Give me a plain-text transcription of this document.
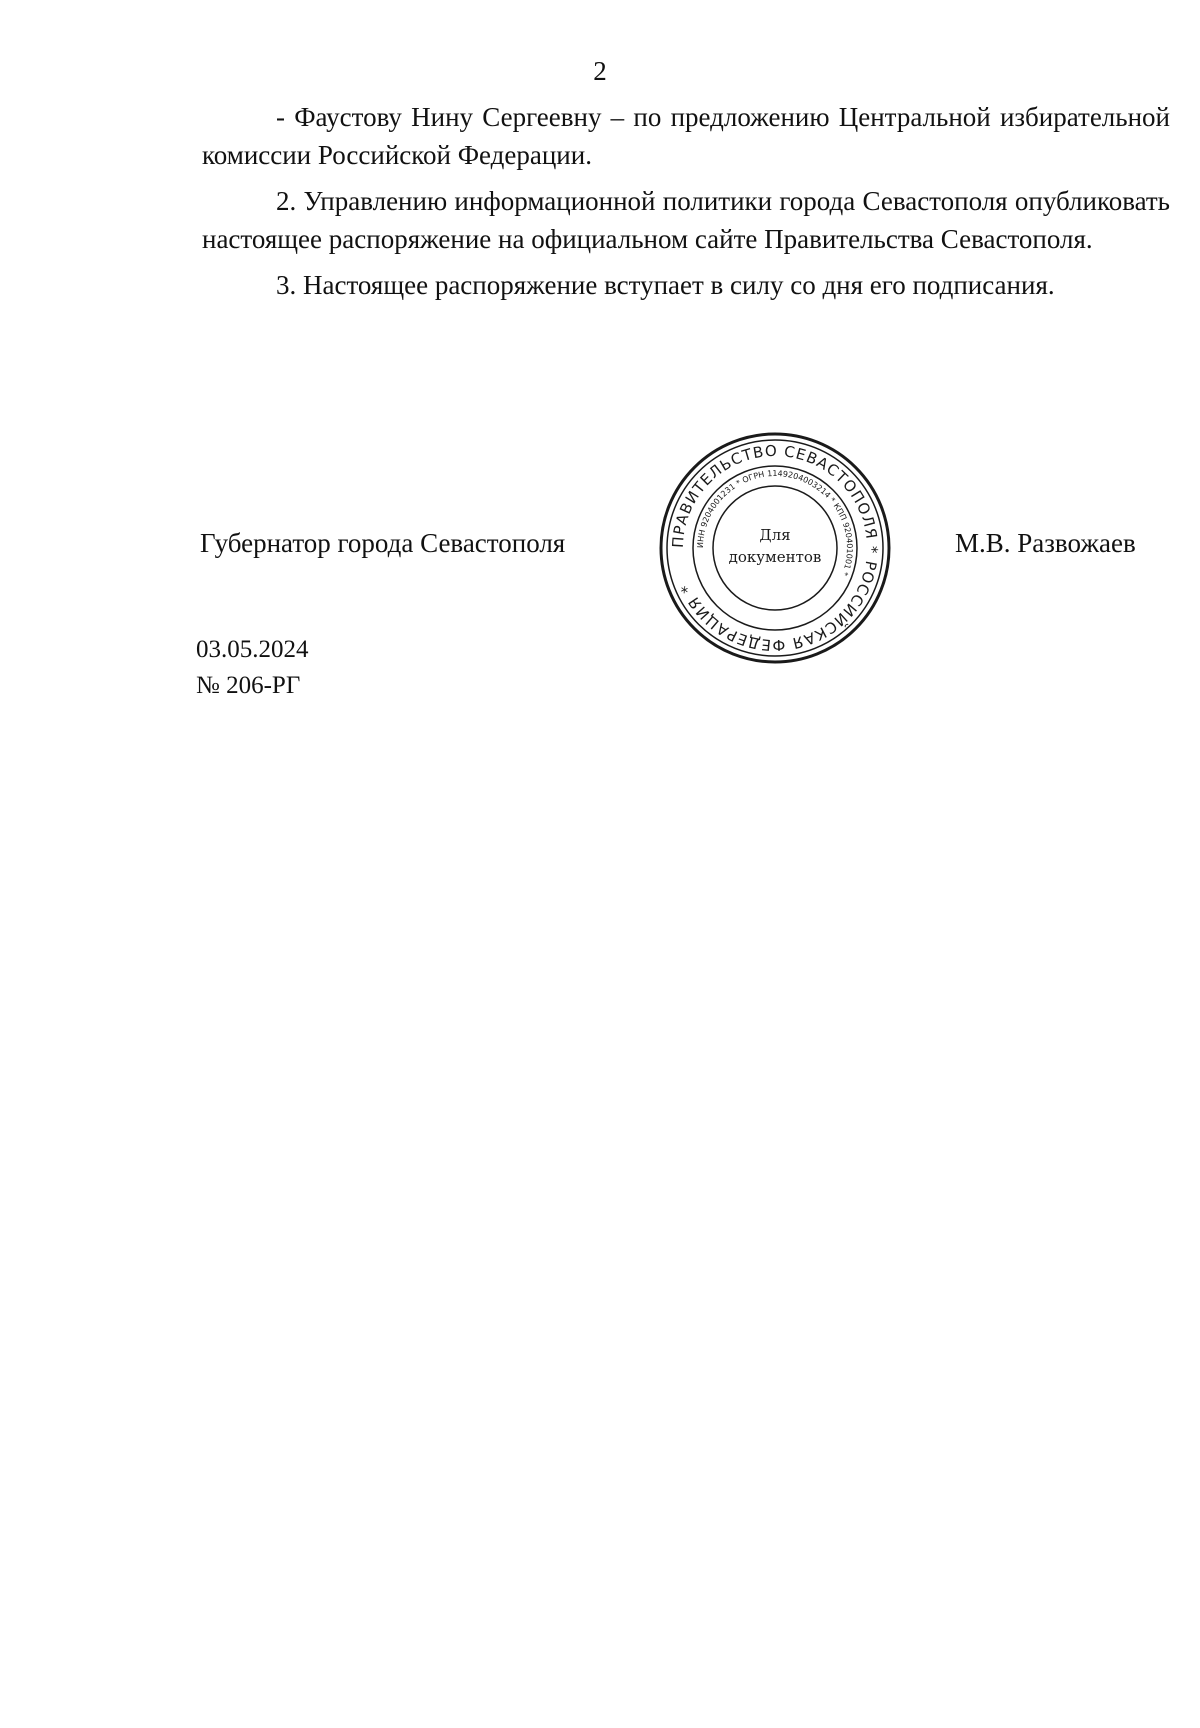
2

- Фаустову Нину Сергеевну – по предложению Центральной избирательной комиссии Российской Федерации.

2. Управлению информационной политики города Севастополя опубликовать настоящее распоряжение на официальном сайте Правительства Севастополя.

3. Настоящее распоряжение вступает в силу со дня его подписания.

Губернатор города Севастополя	ПРАВИТЕЛЬСТВО СЕВАСТОПОЛЯ * РОССИЙСКАЯ ФЕДЕРАЦИЯ *
ИНН 9204001231 * ОГРН 1149204003214 * КПП 920401001 *
Для
документов	М.В. Развожаев
03.05.2024
№ 206-РГ
